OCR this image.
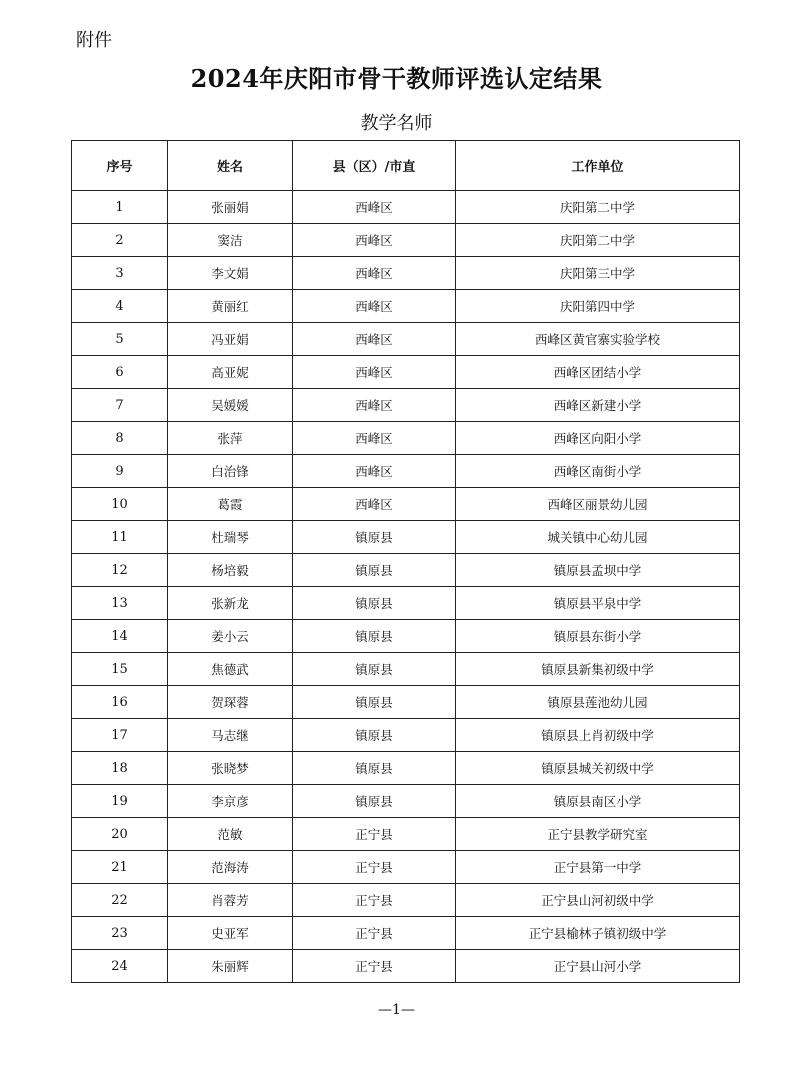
附件
2024年庆阳市骨干教师评选认定结果
教学名师
序号	姓名	县（区）/市直	工作单位
1	张丽娟	西峰区	庆阳第二中学
2	窦洁	西峰区	庆阳第二中学
3	李文娟	西峰区	庆阳第三中学
4	黄丽红	西峰区	庆阳第四中学
5	冯亚娟	西峰区	西峰区黄官寨实验学校
6	高亚妮	西峰区	西峰区团结小学
7	吴媛媛	西峰区	西峰区新建小学
8	张萍	西峰区	西峰区向阳小学
9	白治锋	西峰区	西峰区南街小学
10	葛霞	西峰区	西峰区丽景幼儿园
11	杜瑞琴	镇原县	城关镇中心幼儿园
12	杨培毅	镇原县	镇原县孟坝中学
13	张新龙	镇原县	镇原县平泉中学
14	姜小云	镇原县	镇原县东街小学
15	焦德武	镇原县	镇原县新集初级中学
16	贺琛蓉	镇原县	镇原县莲池幼儿园
17	马志继	镇原县	镇原县上肖初级中学
18	张晓梦	镇原县	镇原县城关初级中学
19	李京彦	镇原县	镇原县南区小学
20	范敏	正宁县	正宁县教学研究室
21	范海涛	正宁县	正宁县第一中学
22	肖蓉芳	正宁县	正宁县山河初级中学
23	史亚军	正宁县	正宁县榆林子镇初级中学
24	朱丽辉	正宁县	正宁县山河小学
—1—
